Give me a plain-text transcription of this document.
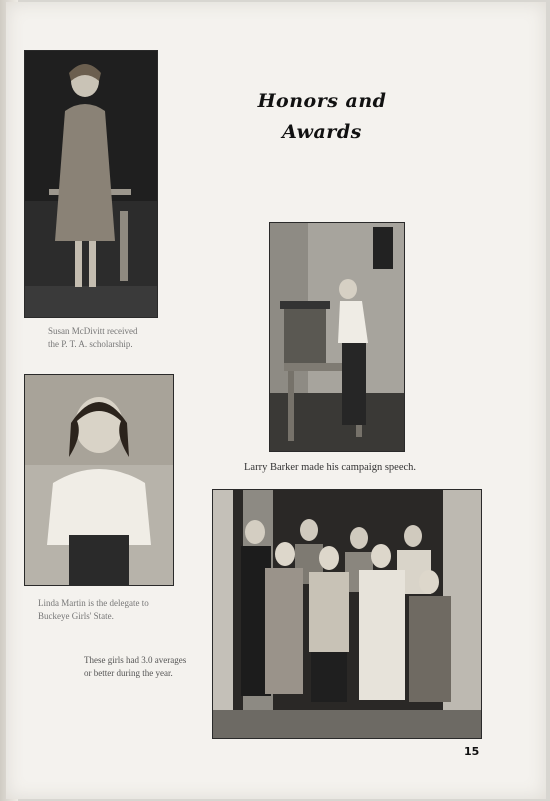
Honors and
Awards
Susan McDivitt received the P. T. A. scholarship.
Linda Martin is the delegate to Buckeye Girls' State.
These girls had 3.0 averages or better during the year.
Larry Barker made his campaign speech.
15
